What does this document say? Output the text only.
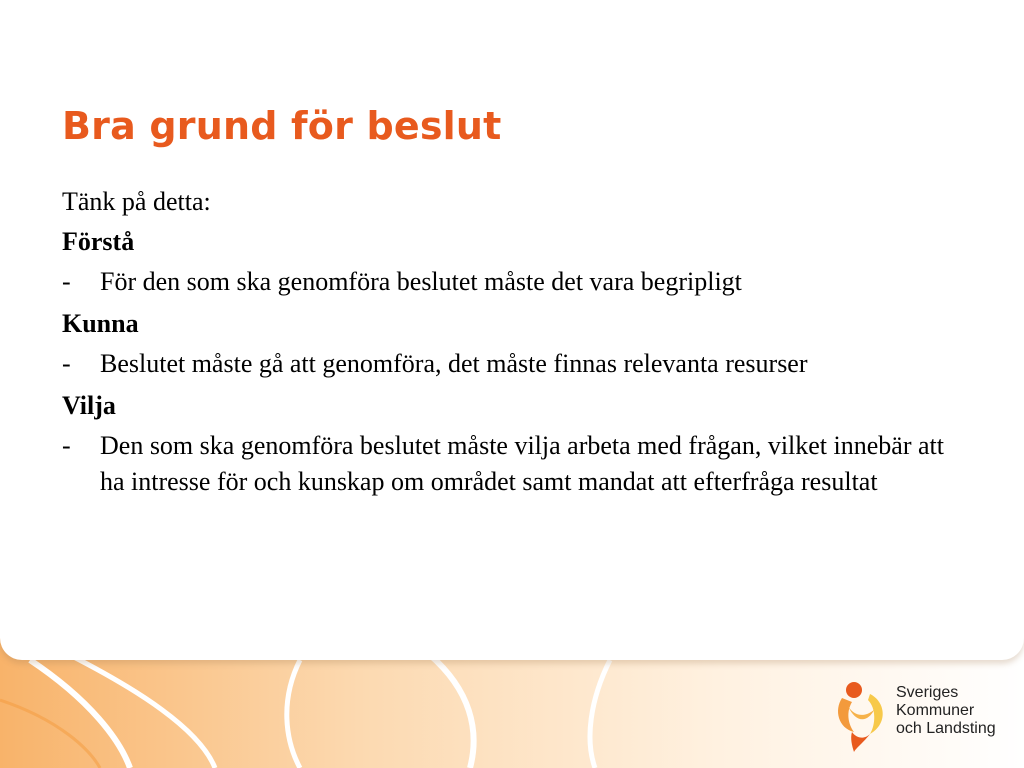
Bra grund för beslut

Tänk på detta:

Förstå

-	För den som ska genomföra beslutet måste det vara begripligt

Kunna

-	Beslutet måste gå att genomföra, det måste finnas relevanta resurser

Vilja

-	Den som ska genomföra beslutet måste vilja arbeta med frågan, vilket innebär att ha intresse för och kunskap om området samt mandat att efterfråga resultat
Sveriges
Kommuner
och Landsting
